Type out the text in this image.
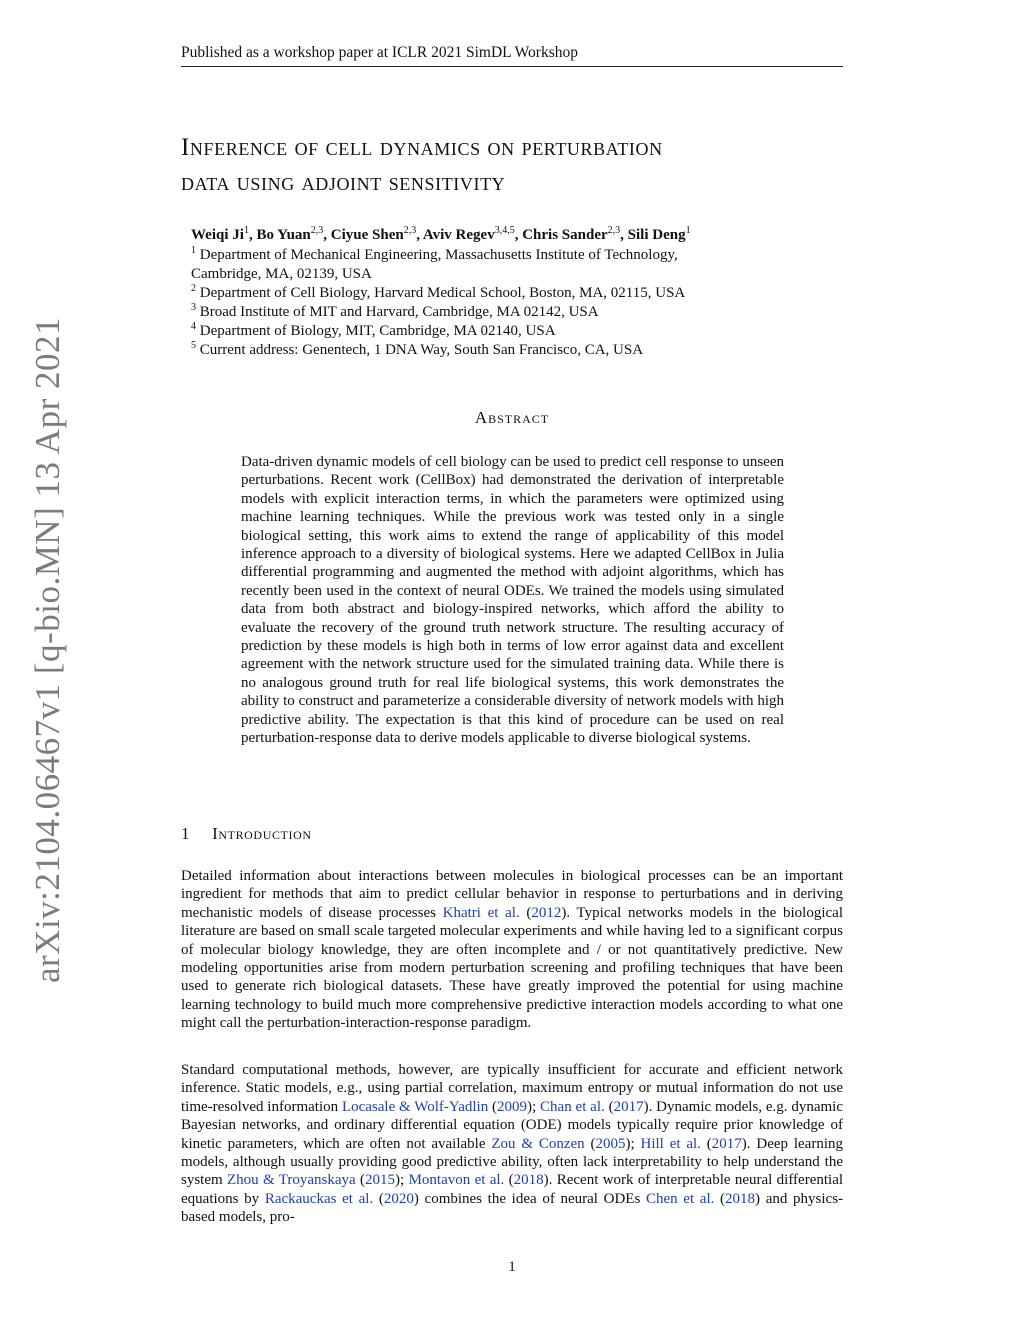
Published as a workshop paper at ICLR 2021 SimDL Workshop
arXiv:2104.06467v1 [q-bio.MN] 13 Apr 2021
Inference of cell dynamics on perturbation
data using adjoint sensitivity
Weiqi Ji$^1$, Bo Yuan$^{2,3}$, Ciyue Shen$^{2,3}$, Aviv Regev$^{3,4,5}$, Chris Sander$^{2,3}$, Sili Deng$^1$
$^1$ Department of Mechanical Engineering, Massachusetts Institute of Technology,
Cambridge, MA, 02139, USA
$^2$ Department of Cell Biology, Harvard Medical School, Boston, MA, 02115, USA
$^3$ Broad Institute of MIT and Harvard, Cambridge, MA 02142, USA
$^4$ Department of Biology, MIT, Cambridge, MA 02140, USA
$^5$ Current address: Genentech, 1 DNA Way, South San Francisco, CA, USA
Abstract
Data-driven dynamic models of cell biology can be used to predict cell response to unseen perturbations. Recent work (CellBox) had demonstrated the derivation of interpretable models with explicit interaction terms, in which the parameters were optimized using machine learning techniques. While the previous work was tested only in a single biological setting, this work aims to extend the range of applicability of this model inference approach to a diversity of biological systems. Here we adapted CellBox in Julia differential programming and augmented the method with adjoint algorithms, which has recently been used in the context of neural ODEs. We trained the models using simulated data from both abstract and biology-inspired networks, which afford the ability to evaluate the recovery of the ground truth network structure. The resulting accuracy of prediction by these models is high both in terms of low error against data and excellent agreement with the network structure used for the simulated training data. While there is no analogous ground truth for real life biological systems, this work demonstrates the ability to construct and parameterize a considerable diversity of network models with high predictive ability. The expectation is that this kind of procedure can be used on real perturbation-response data to derive models applicable to diverse biological systems.
1 Introduction
Detailed information about interactions between molecules in biological processes can be an important ingredient for methods that aim to predict cellular behavior in response to perturbations and in deriving mechanistic models of disease processes Khatri et al. (2012). Typical networks models in the biological literature are based on small scale targeted molecular experiments and while having led to a significant corpus of molecular biology knowledge, they are often incomplete and / or not quantitatively predictive. New modeling opportunities arise from modern perturbation screening and profiling techniques that have been used to generate rich biological datasets. These have greatly improved the potential for using machine learning technology to build much more comprehensive predictive interaction models according to what one might call the perturbation-interaction-response paradigm.
Standard computational methods, however, are typically insufficient for accurate and efficient network inference. Static models, e.g., using partial correlation, maximum entropy or mutual information do not use time-resolved information Locasale & Wolf-Yadlin (2009); Chan et al. (2017). Dynamic models, e.g. dynamic Bayesian networks, and ordinary differential equation (ODE) models typically require prior knowledge of kinetic parameters, which are often not available Zou & Conzen (2005); Hill et al. (2017). Deep learning models, although usually providing good predictive ability, often lack interpretability to help understand the system Zhou & Troyanskaya (2015); Montavon et al. (2018). Recent work of interpretable neural differential equations by Rackauckas et al. (2020) combines the idea of neural ODEs Chen et al. (2018) and physics-based models, pro-
1
